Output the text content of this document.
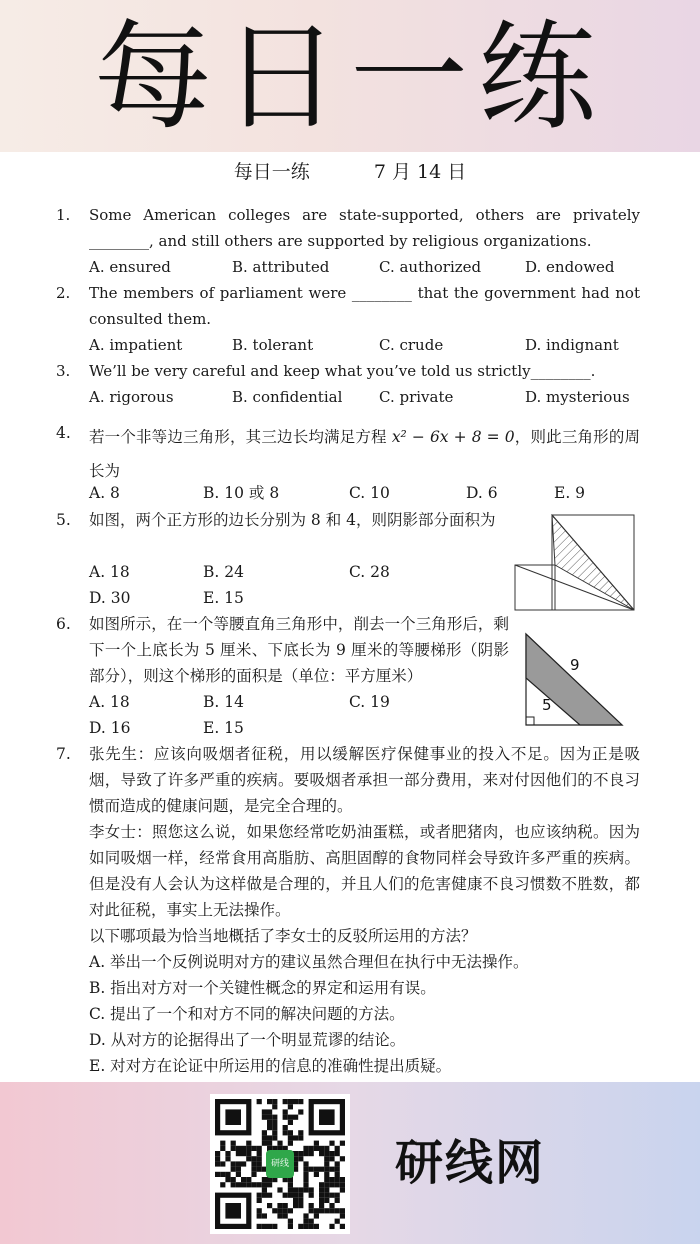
每日一练
每日一练	7 月 14 日
1. Some American colleges are state-supported, others are privately ________, and still others are supported by religious organizations.
A. ensured	B. attributed	C. authorized	D. endowed
2. The members of parliament were ________ that the government had not consulted them.
A. impatient	B. tolerant	C. crude	D. indignant
3. We’ll be very careful and keep what you’ve told us strictly________.
A. rigorous	B. confidential C. private	D. mysterious
4. 若一个非等边三角形，其三边长均满足方程 x² − 6x + 8 = 0，则此三角形的周长为
A. 8	B. 10 或 8	C. 10	D. 6	E. 9
5. 如图，两个正方形的边长分别为 8 和 4，则阴影部分面积为
A. 18	B. 24	C. 28
D. 30	E. 15
6. 如图所示，在一个等腰直角三角形中，削去一个三角形后，剩下一个上底长为 5 厘米、下底长为 9 厘米的等腰梯形（阴影部分），则这个梯形的面积是（单位：平方厘米）
A. 18	B. 14	C. 19
D. 16	E. 15
9
5
7. 张先生：应该向吸烟者征税，用以缓解医疗保健事业的投入不足。因为正是吸烟，导致了许多严重的疾病。要吸烟者承担一部分费用，来对付因他们的不良习惯而造成的健康问题，是完全合理的。
李女士：照您这么说，如果您经常吃奶油蛋糕，或者肥猪肉，也应该纳税。因为如同吸烟一样，经常食用高脂肪、高胆固醇的食物同样会导致许多严重的疾病。但是没有人会认为这样做是合理的，并且人们的危害健康不良习惯数不胜数，都对此征税，事实上无法操作。
以下哪项最为恰当地概括了李女士的反驳所运用的方法？
A. 举出一个反例说明对方的建议虽然合理但在执行中无法操作。
B. 指出对方对一个关键性概念的界定和运用有误。
C. 提出了一个和对方不同的解决问题的方法。
D. 从对方的论据得出了一个明显荒谬的结论。
E. 对对方在论证中所运用的信息的准确性提出质疑。
研线 研线网
